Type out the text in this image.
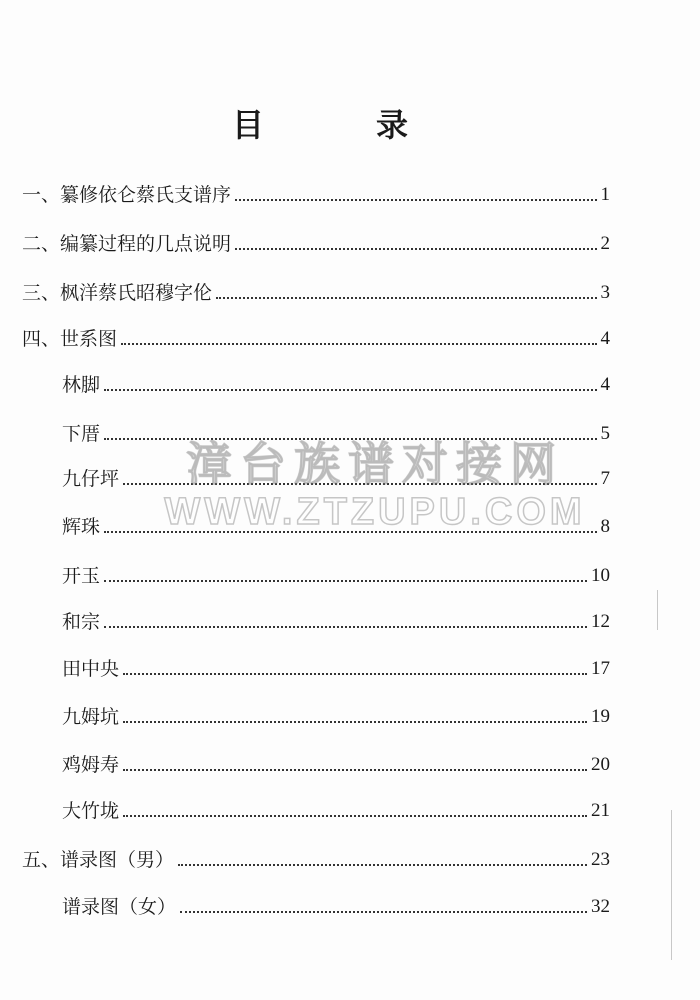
目　录
一、纂修依仑蔡氏支谱序	1
二、编纂过程的几点说明	2
三、枫洋蔡氏昭穆字伦	3
四、世系图	4
林脚	4
下厝	5
九仔坪	7
辉珠	8
开玉	10
和宗	12
田中央	17
九姆坑	19
鸡姆寿	20
大竹垅	21
五、谱录图（男）	23
谱录图（女）	32
漳台族谱对接网
WWW.ZTZUPU.COM
